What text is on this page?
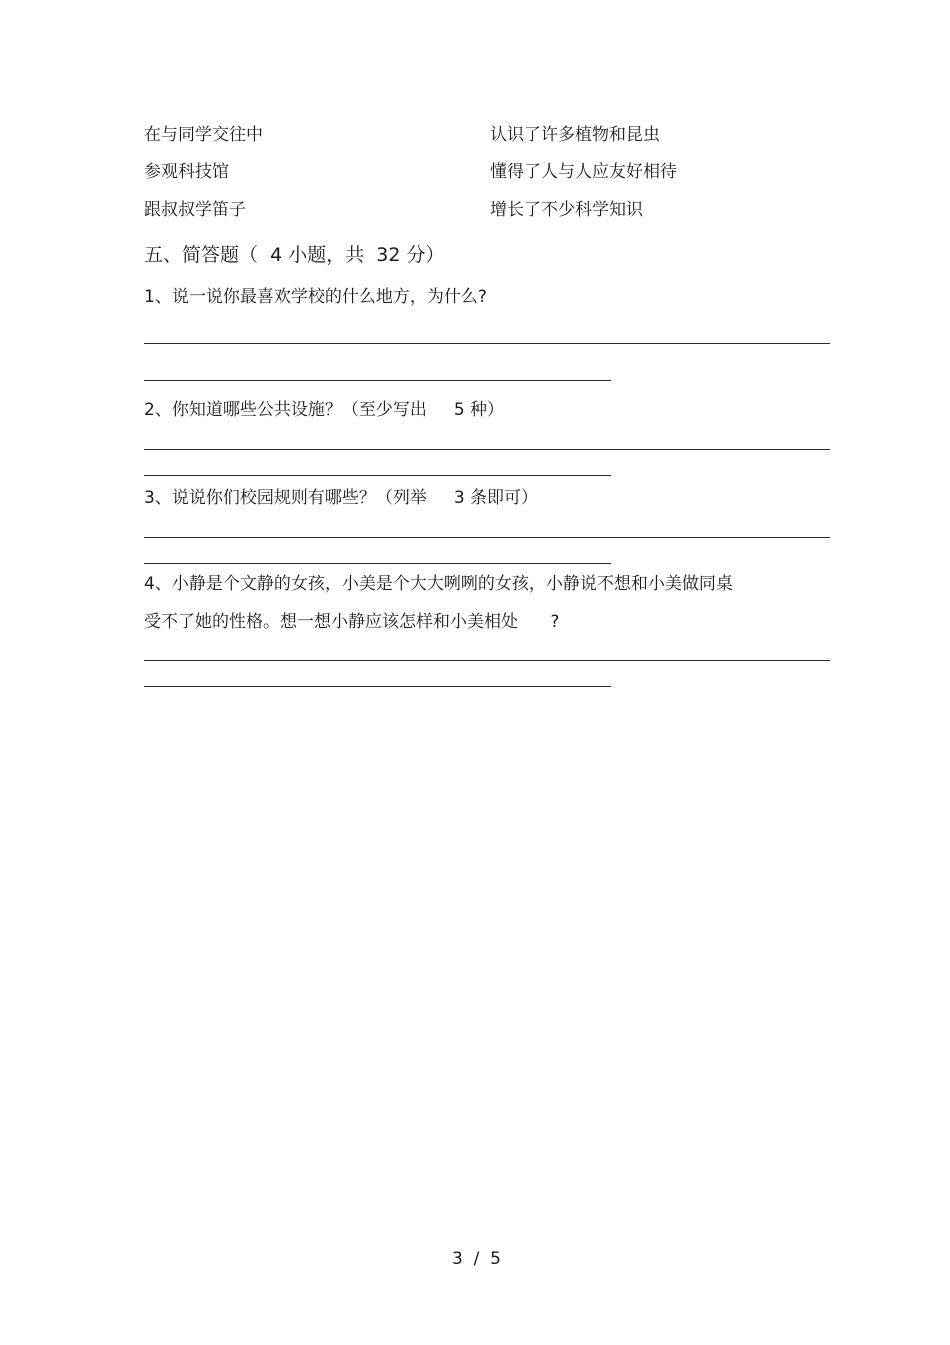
在与同学交往中	认识了许多植物和昆虫
参观科技馆	懂得了人与人应友好相待
跟叔叔学笛子	增长了不少科学知识
五、简答题（  4 小题，共  32 分）
1、说一说你最喜欢学校的什么地方，为什么?
2、你知道哪些公共设施？（至少写出     5 种）
3、说说你们校园规则有哪些？（列举     3 条即可）
4、小静是个文静的女孩，小美是个大大咧咧的女孩，小静说不想和小美做同桌
受不了她的性格。想一想小静应该怎样和小美相处      ?
3  /  5
